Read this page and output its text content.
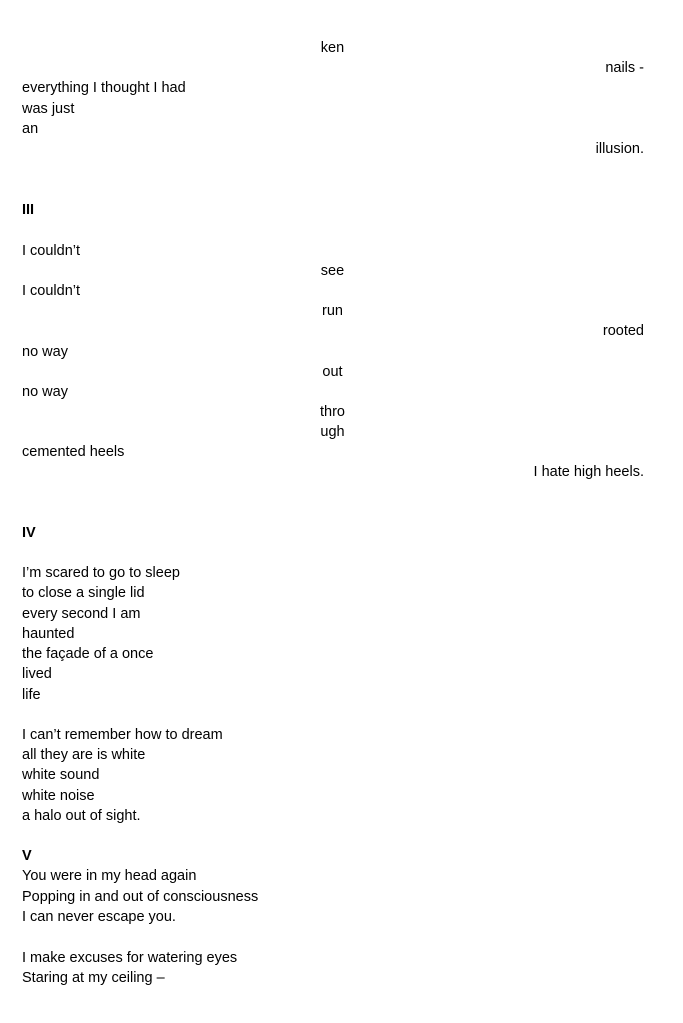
ken
nails -
everything I thought I had
was just
an
illusion.
III
I couldn’t
see
I couldn’t
run
rooted
no way
out
no way
thro
ugh
cemented heels
I hate high heels.
IV
I’m scared to go to sleep
to close a single lid
every second I am
haunted
the façade of a once
lived
life
I can’t remember how to dream
all they are is white
white sound
white noise
a halo out of sight.
V
You were in my head again
Popping in and out of consciousness
I can never escape you.
I make excuses for watering eyes
Staring at my ceiling –
